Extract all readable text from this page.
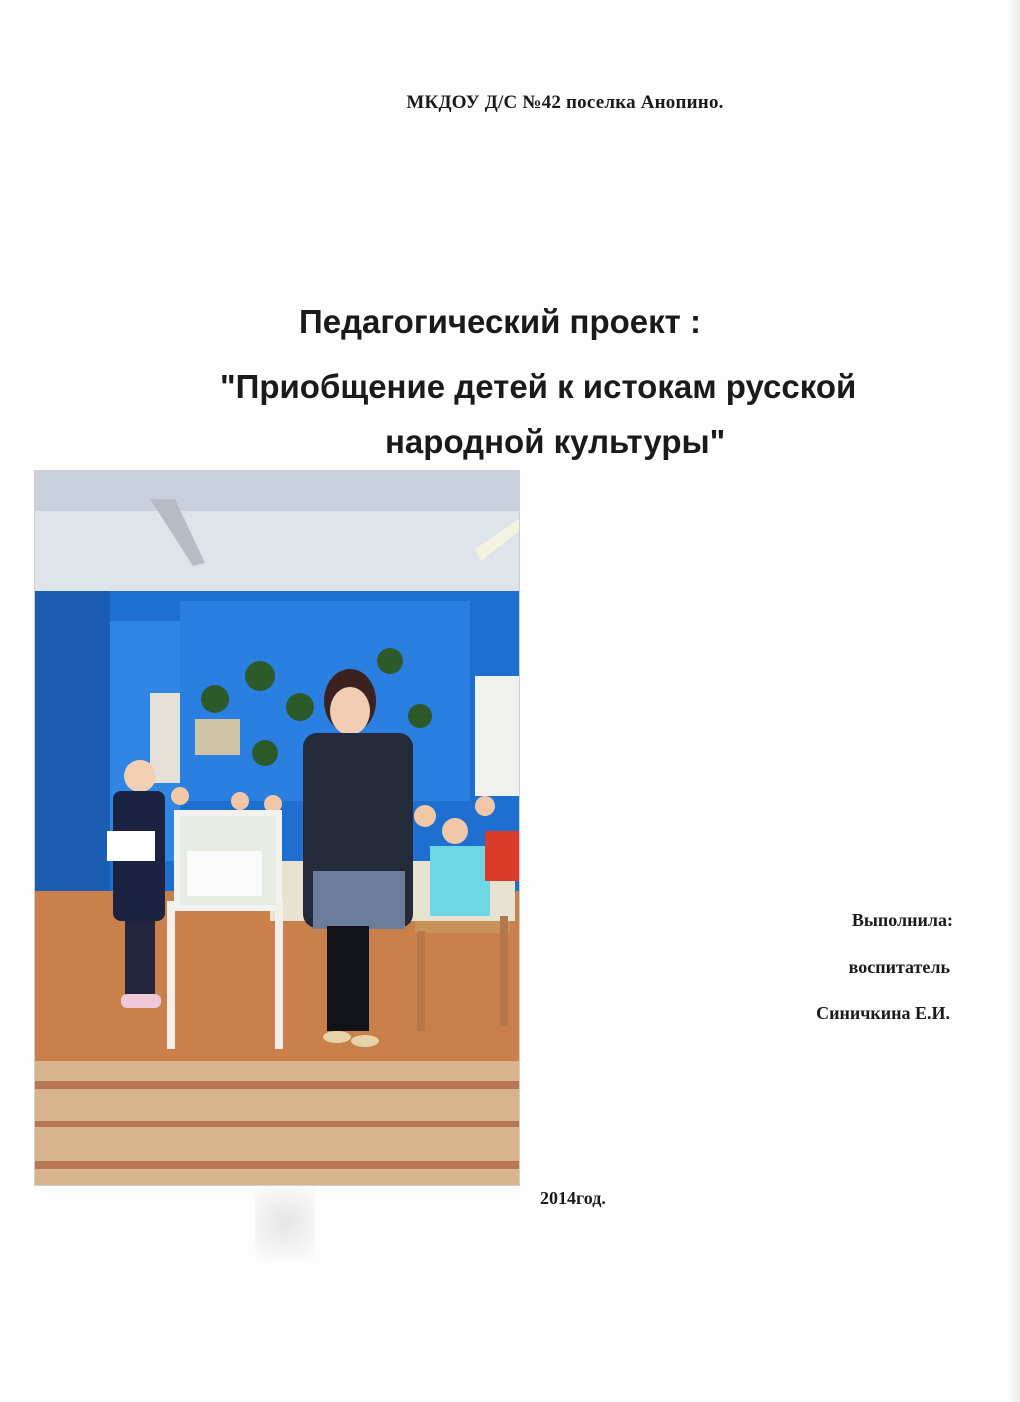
МКДОУ Д/С №42 поселка Анопино.
Педагогический проект :
"Приобщение детей к истокам русской
народной культуры"
Выполнила:
воспитатель
Синичкина Е.И.
2014год.
